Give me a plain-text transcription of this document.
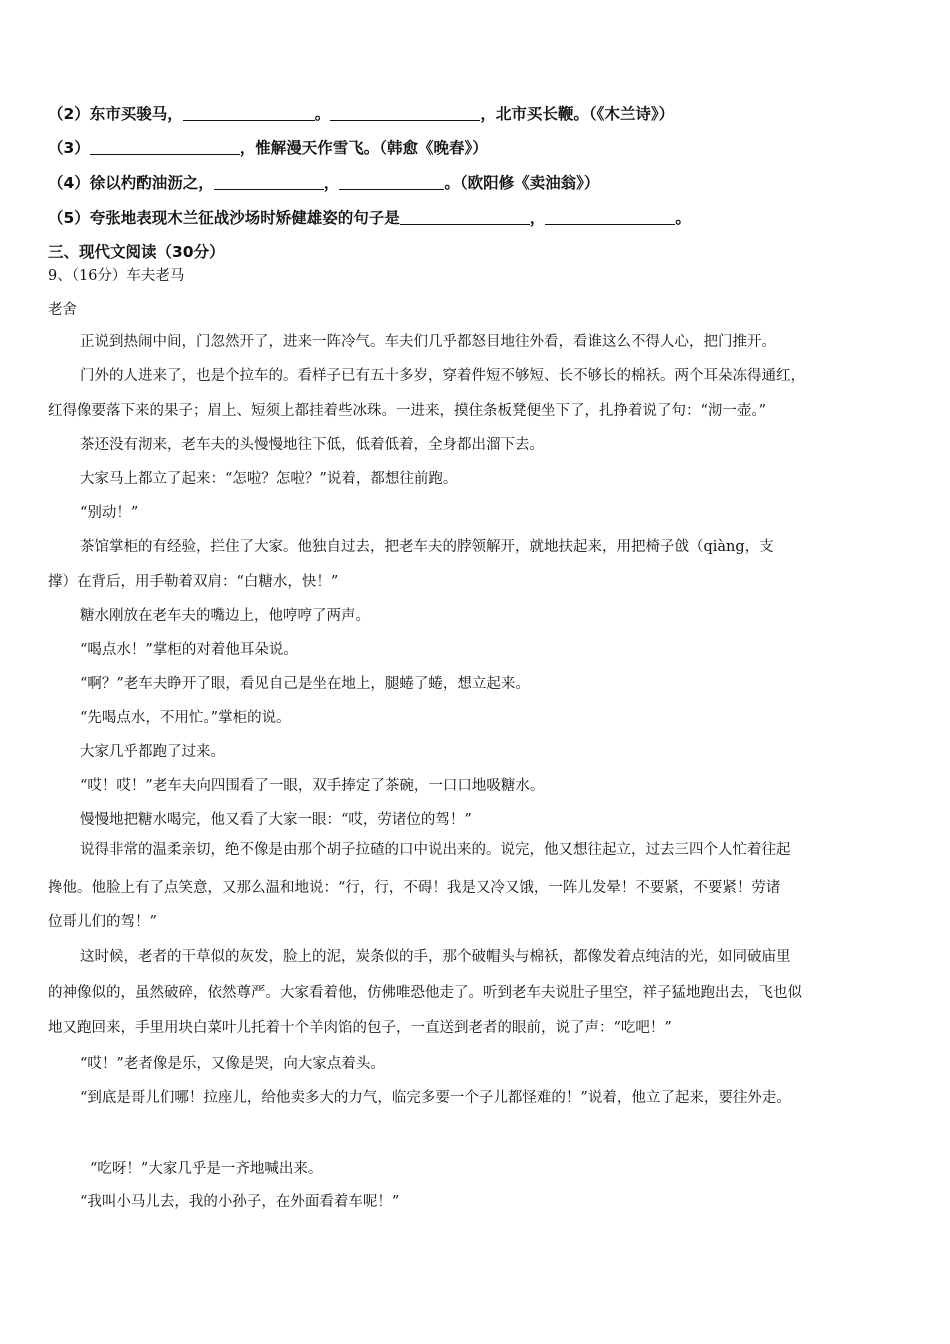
（2）东市买骏马，	。	，北市买长鞭。（《木兰诗》）
（3）	，惟解漫天作雪飞。（韩愈《晚春》）
（4）徐以杓酌油沥之，	，	。（欧阳修《卖油翁》）
（5）夸张地表现木兰征战沙场时矫健雄姿的句子是	，	。
三、现代文阅读（30分）
9、（16分）车夫老马
老舍
正说到热闹中间，门忽然开了，进来一阵冷气。车夫们几乎都怒目地往外看，看谁这么不得人心，把门推开。
门外的人进来了，也是个拉车的。看样子已有五十多岁，穿着件短不够短、长不够长的棉袄。两个耳朵冻得通红，
红得像要落下来的果子；眉上、短须上都挂着些冰珠。一进来，摸住条板凳便坐下了，扎挣着说了句：“沏一壶。”
茶还没有沏来，老车夫的头慢慢地往下低，低着低着，全身都出溜下去。
大家马上都立了起来：“怎啦？怎啦？”说着，都想往前跑。
“别动！”
茶馆掌柜的有经验，拦住了大家。他独自过去，把老车夫的脖领解开，就地扶起来，用把椅子戗（qiàng，支
撑）在背后，用手勒着双肩：“白糖水，快！”
糖水刚放在老车夫的嘴边上，他哼哼了两声。
“喝点水！”掌柜的对着他耳朵说。
“啊？”老车夫睁开了眼，看见自己是坐在地上，腿蜷了蜷，想立起来。
“先喝点水，不用忙。”掌柜的说。
大家几乎都跑了过来。
“哎！哎！”老车夫向四围看了一眼，双手捧定了茶碗，一口口地吸糖水。
慢慢地把糖水喝完，他又看了大家一眼：“哎，劳诸位的驾！”
说得非常的温柔亲切，绝不像是由那个胡子拉碴的口中说出来的。说完，他又想往起立，过去三四个人忙着往起
搀他。他脸上有了点笑意，又那么温和地说：“行，行，不碍！我是又冷又饿，一阵儿发晕！不要紧，不要紧！劳诸
位哥儿们的驾！”
这时候，老者的干草似的灰发，脸上的泥，炭条似的手，那个破帽头与棉袄，都像发着点纯洁的光，如同破庙里
的神像似的，虽然破碎，依然尊严。大家看着他，仿佛唯恐他走了。听到老车夫说肚子里空，祥子猛地跑出去，飞也似
地又跑回来，手里用块白菜叶儿托着十个羊肉馅的包子，一直送到老者的眼前，说了声：“吃吧！”
“哎！”老者像是乐，又像是哭，向大家点着头。
“到底是哥儿们哪！拉座儿，给他卖多大的力气，临完多要一个子儿都怪难的！”说着，他立了起来，要往外走。
“吃呀！”大家几乎是一齐地喊出来。
“我叫小马儿去，我的小孙子，在外面看着车呢！”
